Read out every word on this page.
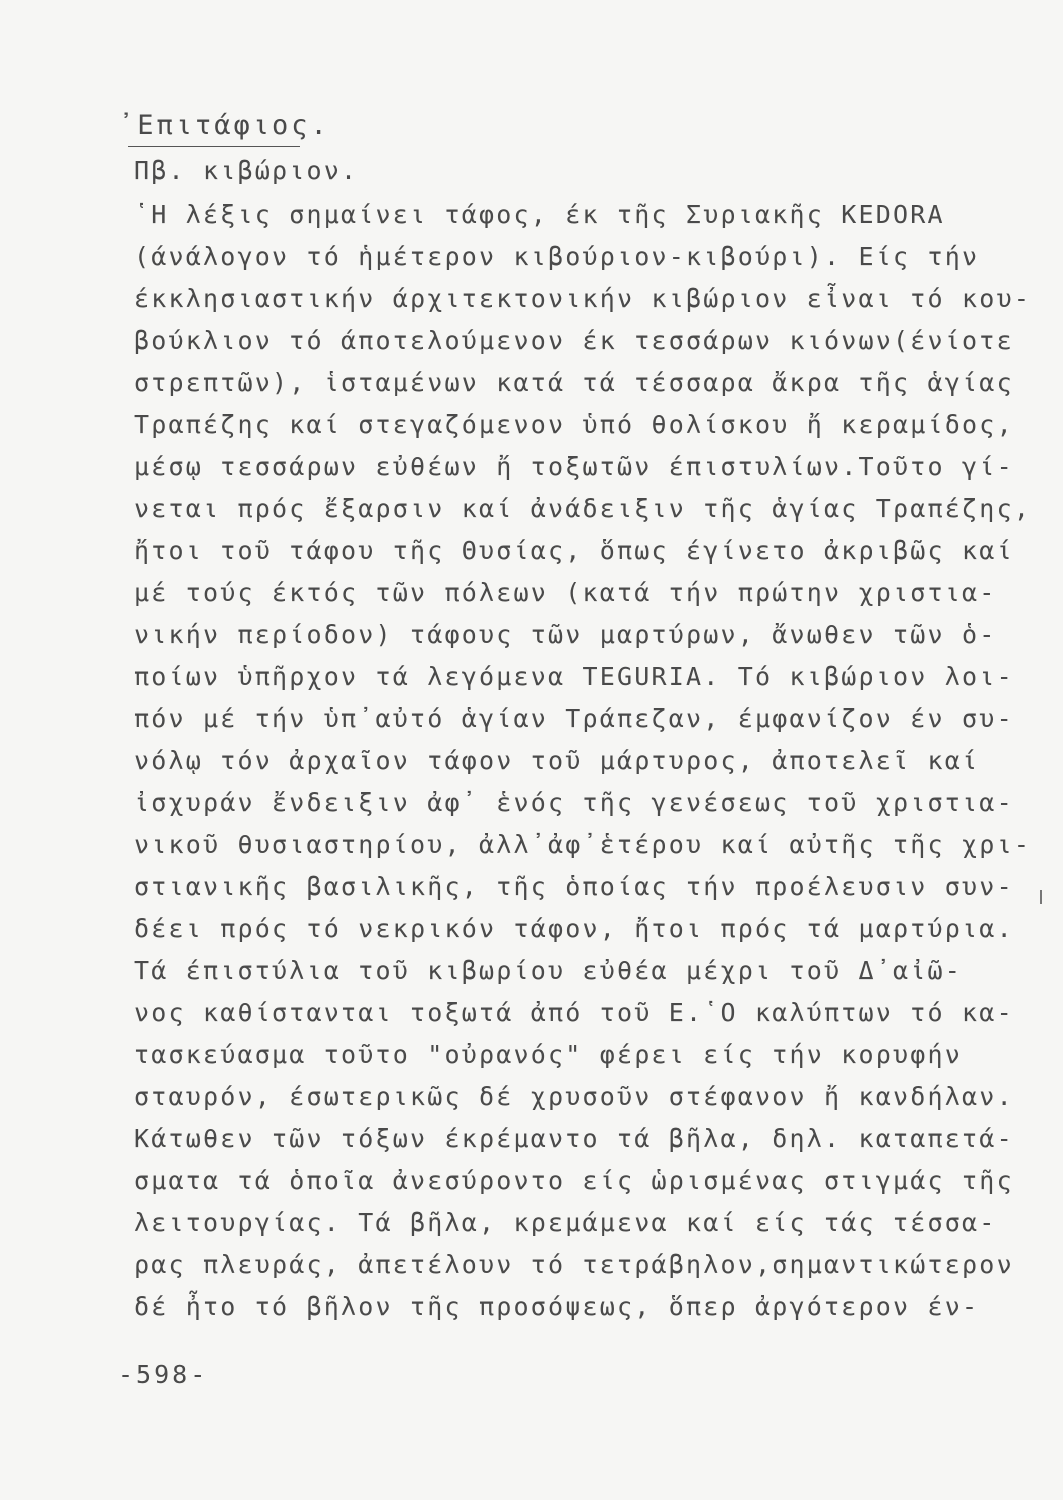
᾿Επιτάφιος.
Πβ. κιβώριον.
῾Η λέξις σημαίνει τάφος, έκ τῆς Συριακῆς KEDORA
(άνάλογον τό ἡμέτερον κιβούριον-κιβούρι). Είς τήν
έκκλησιαστικήν άρχιτεκτονικήν κιβώριον εἶναι τό κου-
βούκλιον τό άποτελούμενον έκ τεσσάρων κιόνων(ένίοτε
στρεπτῶν), ἱσταμένων κατά τά τέσσαρα ἄκρα τῆς ἁγίας
Τραπέζης καί στεγαζόμενον ὑπό θολίσκου ἤ κεραμίδος,
μέσῳ τεσσάρων εὐθέων ἤ τοξωτῶν έπιστυλίων.Τοῦτο γί-
νεται πρός ἔξαρσιν καί ἀνάδειξιν τῆς ἁγίας Τραπέζης,
ἤτοι τοῦ τάφου τῆς Θυσίας, ὅπως έγίνετο ἀκριβῶς καί
μέ τούς έκτός τῶν πόλεων (κατά τήν πρώτην χριστια-
νικήν περίοδον) τάφους τῶν μαρτύρων, ἄνωθεν τῶν ὁ-
ποίων ὑπῆρχον τά λεγόμενα TEGURIA. Τό κιβώριον λοι-
πόν μέ τήν ὑπ᾿αὐτό ἁγίαν Τράπεζαν, έμφανίζον έν συ-
νόλῳ τόν ἀρχαῖον τάφον τοῦ μάρτυρος, ἀποτελεῖ καί
ἰσχυράν ἔνδειξιν ἀφ᾿ ἑνός τῆς γενέσεως τοῦ χριστια-
νικοῦ θυσιαστηρίου, ἀλλ᾿ἀφ᾿ἑτέρου καί αὐτῆς τῆς χρι-
στιανικῆς βασιλικῆς, τῆς ὁποίας τήν προέλευσιν συν-
δέει πρός τό νεκρικόν τάφον, ἤτοι πρός τά μαρτύρια.
Τά έπιστύλια τοῦ κιβωρίου εὐθέα μέχρι τοῦ Δ᾿αἰῶ-
νος καθίστανται τοξωτά ἀπό τοῦ Ε.῾Ο καλύπτων τό κα-
τασκεύασμα τοῦτο "οὐρανός" φέρει είς τήν κορυφήν
σταυρόν, έσωτερικῶς δέ χρυσοῦν στέφανον ἤ κανδήλαν.
Κάτωθεν τῶν τόξων έκρέμαντο τά βῆλα, δηλ. καταπετά-
σματα τά ὁποῖα ἀνεσύροντο είς ὡρισμένας στιγμάς τῆς
λειτουργίας. Τά βῆλα, κρεμάμενα καί είς τάς τέσσα-
ρας πλευράς, ἀπετέλουν τό τετράβηλον,σημαντικώτερον
δέ ἦτο τό βῆλον τῆς προσόψεως, ὅπερ ἀργότερον έν-
-598-
